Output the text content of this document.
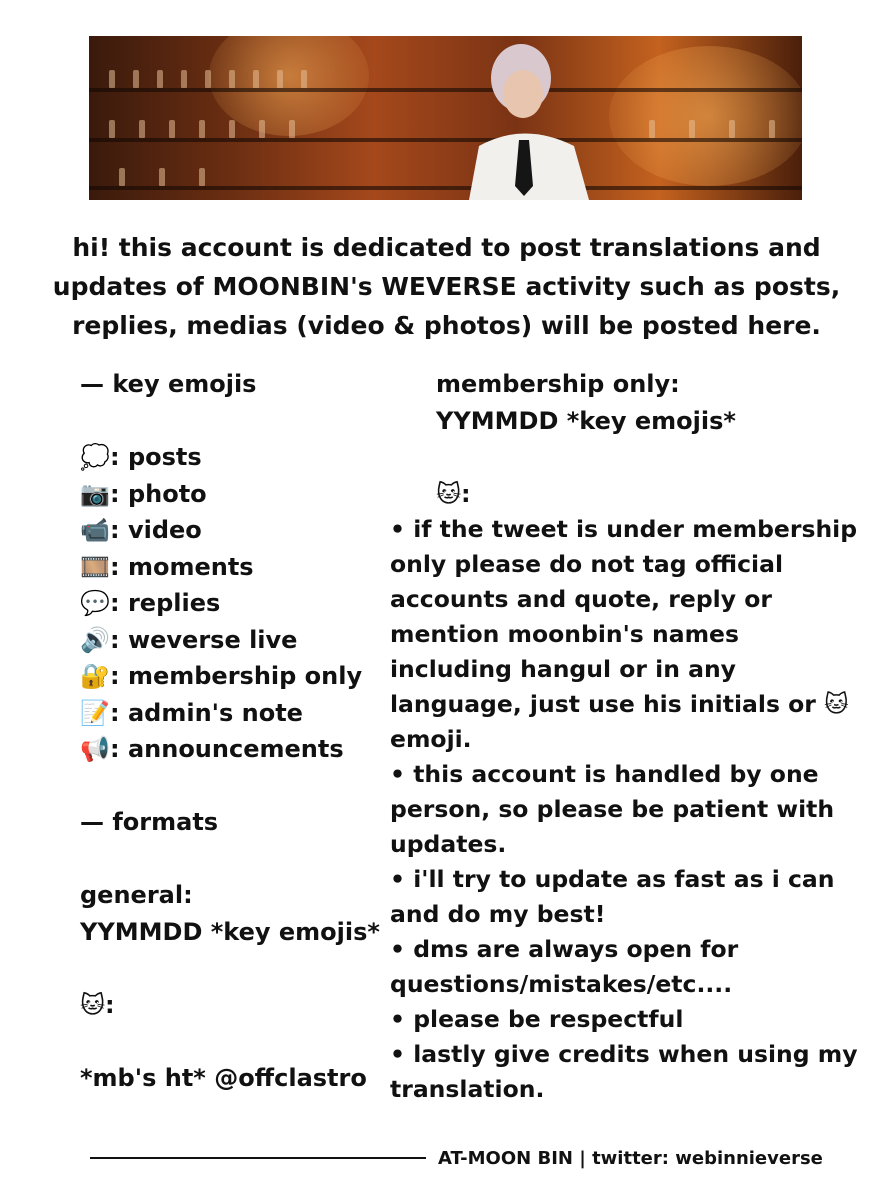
hi! this account is dedicated to post translations and
updates of MOONBIN's WEVERSE activity such as posts,
replies, medias (video & photos) will be posted here.
— key emojis
💭: posts
📷: photo
📹: video
🎞️: moments
💬: replies
🔊: weverse live
🔐: membership only
📝: admin's note
📢: announcements
— formats
general:
YYMMDD *key emojis*
🐱:
*mb's ht* @offclastro
membership only:
YYMMDD *key emojis*
🐱:
• if the tweet is under membership
only please do not tag official
accounts and quote, reply or
mention moonbin's names
including hangul or in any
language, just use his initials or 🐱
emoji.
• this account is handled by one
person, so please be patient with
updates.
• i'll try to update as fast as i can
and do my best!
• dms are always open for
questions/mistakes/etc....
• please be respectful
• lastly give credits when using my
translation.
AT-MOON BIN | twitter: webinnieverse
